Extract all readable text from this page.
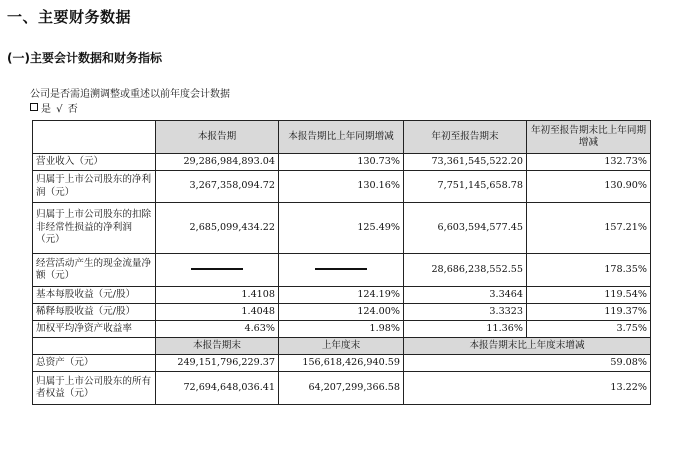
一、主要财务数据
(一)主要会计数据和财务指标
公司是否需追溯调整或重述以前年度会计数据
是 √ 否
	本报告期	本报告期比上年同期增减	年初至报告期末	年初至报告期末比上年同期增减
营业收入（元）	29,286,984,893.04	130.73%	73,361,545,522.20	132.73%
归属于上市公司股东的净利润（元）	3,267,358,094.72	130.16%	7,751,145,658.78	130.90%
归属于上市公司股东的扣除非经常性损益的净利润（元）	2,685,099,434.22	125.49%	6,603,594,577.45	157.21%
经营活动产生的现金流量净额（元）			28,686,238,552.55	178.35%
基本每股收益（元/股）	1.4108	124.19%	3.3464	119.54%
稀释每股收益（元/股）	1.4048	124.00%	3.3323	119.37%
加权平均净资产收益率	4.63%	1.98%	11.36%	3.75%
	本报告期末	上年度末	本报告期末比上年度末增减	
总资产（元）	249,151,796,229.37	156,618,426,940.59	59.08%	
归属于上市公司股东的所有者权益（元）	72,694,648,036.41	64,207,299,366.58	13.22%	
